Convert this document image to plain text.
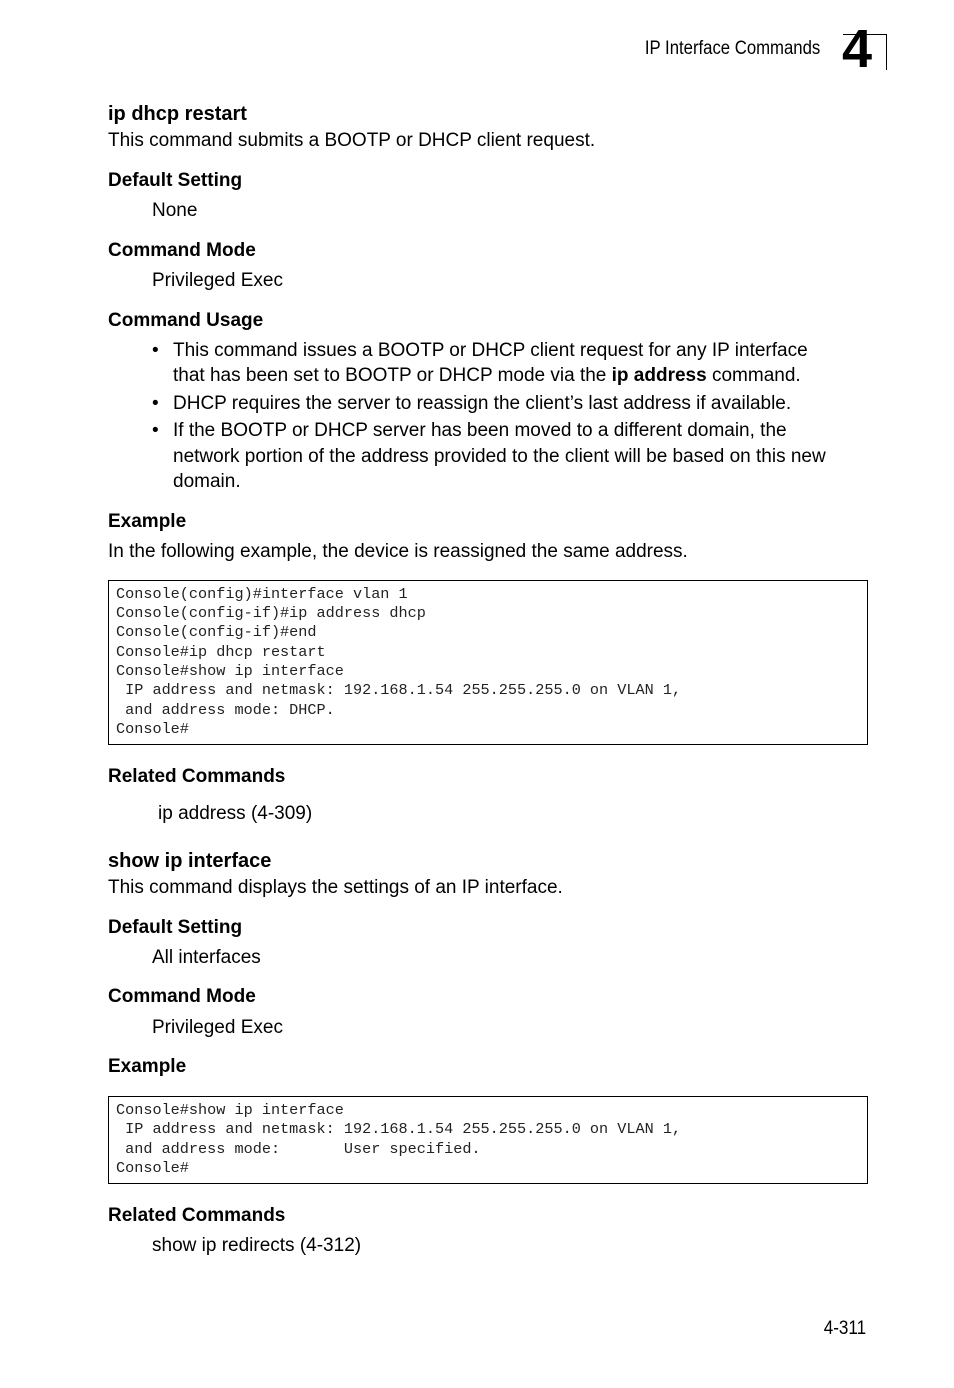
IP Interface Commands 4
ip dhcp restart
This command submits a BOOTP or DHCP client request.
Default Setting
None
Command Mode
Privileged Exec
Command Usage
• This command issues a BOOTP or DHCP client request for any IP interface
that has been set to BOOTP or DHCP mode via the ip address command.
• DHCP requires the server to reassign the client’s last address if available.
• If the BOOTP or DHCP server has been moved to a different domain, the
network portion of the address provided to the client will be based on this new
domain.
Example
In the following example, the device is reassigned the same address.
Console(config)#interface vlan 1
Console(config-if)#ip address dhcp
Console(config-if)#end
Console#ip dhcp restart
Console#show ip interface
IP address and netmask: 192.168.1.54 255.255.255.0 on VLAN 1,
and address mode: DHCP.
Console#
Related Commands
ip address (4-309)
show ip interface
This command displays the settings of an IP interface.
Default Setting
All interfaces
Command Mode
Privileged Exec
Example
Console#show ip interface
IP address and netmask: 192.168.1.54 255.255.255.0 on VLAN 1,
and address mode:       User specified.
Console#
Related Commands
show ip redirects (4-312)
4-311
